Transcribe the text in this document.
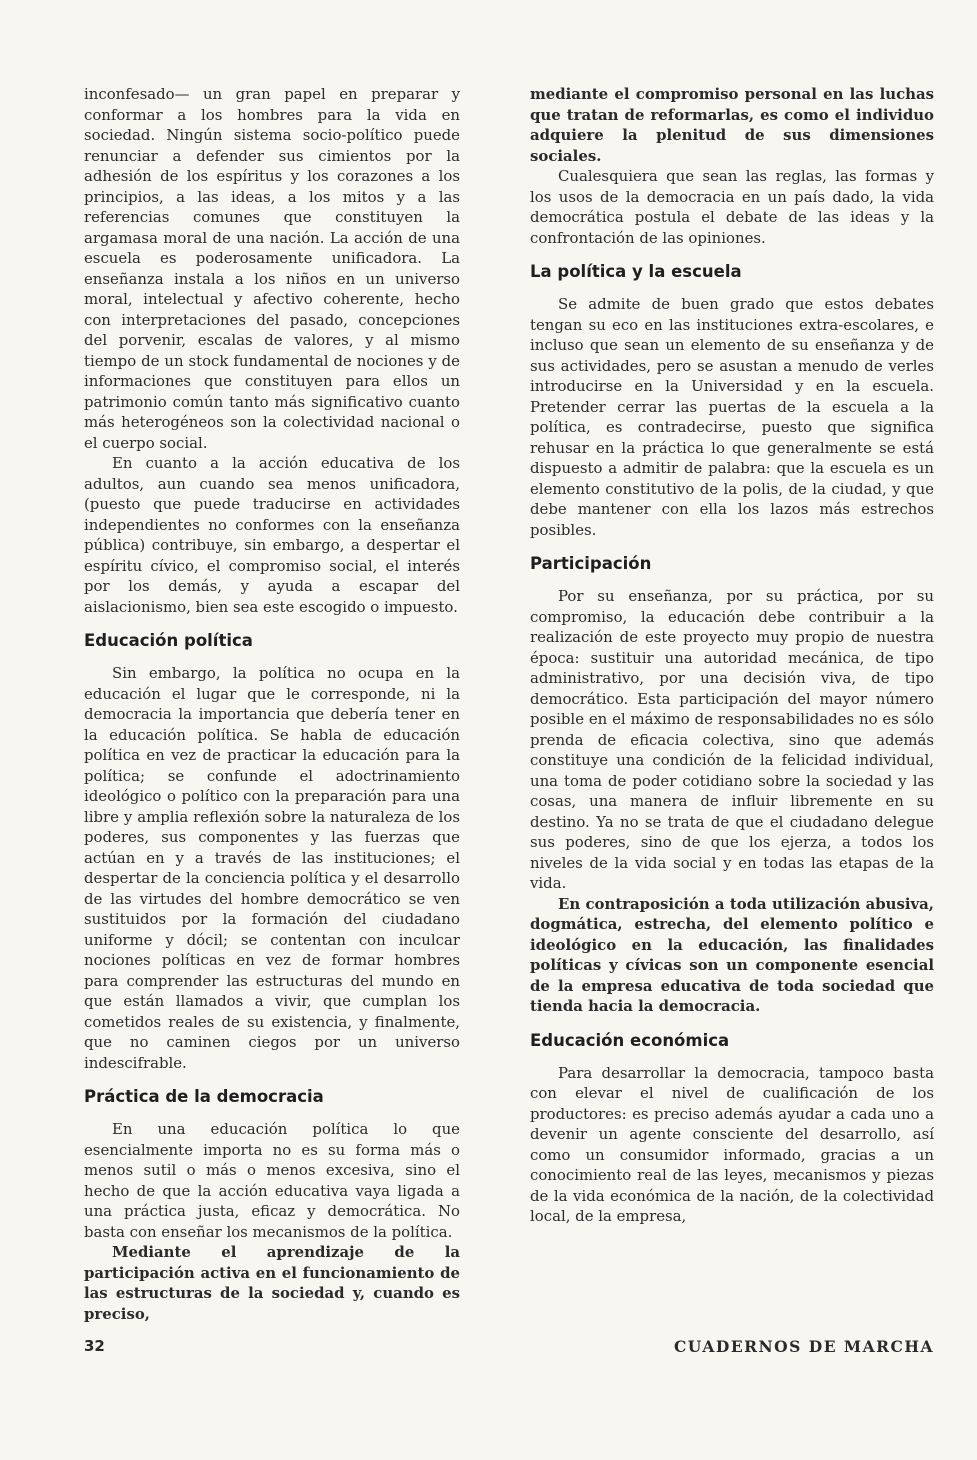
inconfesado— un gran papel en preparar y conformar a los hombres para la vida en sociedad. Ningún sistema socio-político puede renunciar a defender sus cimientos por la adhesión de los espíritus y los corazones a los principios, a las ideas, a los mitos y a las referencias comunes que constituyen la argamasa moral de una nación. La acción de una escuela es poderosamente unificadora. La enseñanza instala a los niños en un universo moral, intelectual y afectivo coherente, hecho con interpretaciones del pasado, concepciones del porvenir, escalas de valores, y al mismo tiempo de un stock fundamental de nociones y de informaciones que constituyen para ellos un patrimonio común tanto más significativo cuanto más heterogéneos son la colectividad nacional o el cuerpo social.

En cuanto a la acción educativa de los adultos, aun cuando sea menos unificadora, (puesto que puede traducirse en actividades independientes no conformes con la enseñanza pública) contribuye, sin embargo, a despertar el espíritu cívico, el compromiso social, el interés por los demás, y ayuda a escapar del aislacionismo, bien sea este escogido o impuesto.

Educación política

Sin embargo, la política no ocupa en la educación el lugar que le corresponde, ni la democracia la importancia que debería tener en la educación política. Se habla de educación política en vez de practicar la educación para la política; se confunde el adoctrinamiento ideológico o político con la preparación para una libre y amplia reflexión sobre la naturaleza de los poderes, sus componentes y las fuerzas que actúan en y a través de las instituciones; el despertar de la conciencia política y el desarrollo de las virtudes del hombre democrático se ven sustituidos por la formación del ciudadano uniforme y dócil; se contentan con inculcar nociones políticas en vez de formar hombres para comprender las estructuras del mundo en que están llamados a vivir, que cumplan los cometidos reales de su existencia, y finalmente, que no caminen ciegos por un universo indescifrable.

Práctica de la democracia

En una educación política lo que esencialmente importa no es su forma más o menos sutil o más o menos excesiva, sino el hecho de que la acción educativa vaya ligada a una práctica justa, eficaz y democrática. No basta con enseñar los mecanismos de la política.

Mediante el aprendizaje de la participación activa en el funcionamiento de las estructuras de la sociedad y, cuando es preciso,

mediante el compromiso personal en las luchas que tratan de reformarlas, es como el individuo adquiere la plenitud de sus dimensiones sociales.

Cualesquiera que sean las reglas, las formas y los usos de la democracia en un país dado, la vida democrática postula el debate de las ideas y la confrontación de las opiniones.

La política y la escuela

Se admite de buen grado que estos debates tengan su eco en las instituciones extra-escolares, e incluso que sean un elemento de su enseñanza y de sus actividades, pero se asustan a menudo de verles introducirse en la Universidad y en la escuela. Pretender cerrar las puertas de la escuela a la política, es contradecirse, puesto que significa rehusar en la práctica lo que generalmente se está dispuesto a admitir de palabra: que la escuela es un elemento constitutivo de la polis, de la ciudad, y que debe mantener con ella los lazos más estrechos posibles.

Participación

Por su enseñanza, por su práctica, por su compromiso, la educación debe contribuir a la realización de este proyecto muy propio de nuestra época: sustituir una autoridad mecánica, de tipo administrativo, por una decisión viva, de tipo democrático. Esta participación del mayor número posible en el máximo de responsabilidades no es sólo prenda de eficacia colectiva, sino que además constituye una condición de la felicidad individual, una toma de poder cotidiano sobre la sociedad y las cosas, una manera de influir libremente en su destino. Ya no se trata de que el ciudadano delegue sus poderes, sino de que los ejerza, a todos los niveles de la vida social y en todas las etapas de la vida.

En contraposición a toda utilización abusiva, dogmática, estrecha, del elemento político e ideológico en la educación, las finalidades políticas y cívicas son un componente esencial de la empresa educativa de toda sociedad que tienda hacia la democracia.

Educación económica

Para desarrollar la democracia, tampoco basta con elevar el nivel de cualificación de los productores: es preciso además ayudar a cada uno a devenir un agente consciente del desarrollo, así como un consumidor informado, gracias a un conocimiento real de las leyes, mecanismos y piezas de la vida económica de la nación, de la colectividad local, de la empresa,

32	CUADERNOS DE MARCHA
